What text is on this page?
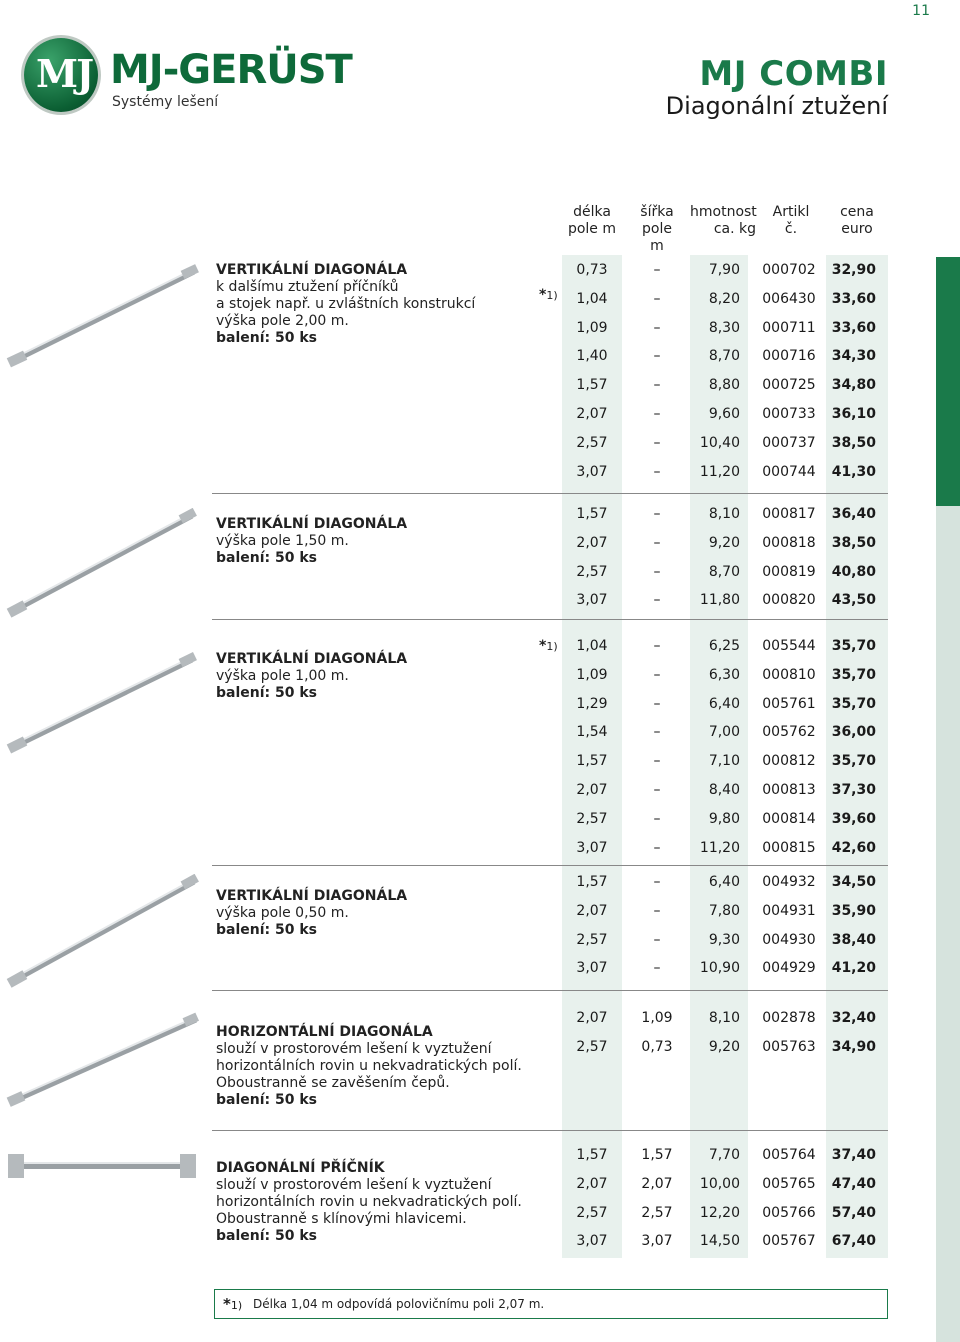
11
MJ MJ-GERÜST
Systémy lešení
MJ COMBI
Diagonální ztužení
délka
pole m
šířka pole
m
hmotnost
ca. kg
Artikl
č.
cena
euro
VERTIKÁLNÍ DIAGONÁLA
k dalšímu ztužení příčníků
a stojek např. u zvláštních konstrukcí
výška pole 2,00 m.
balení: 50 ks
VERTIKÁLNÍ DIAGONÁLA
výška pole 1,50 m.
balení: 50 ks
VERTIKÁLNÍ DIAGONÁLA
výška pole 1,00 m.
balení: 50 ks
VERTIKÁLNÍ DIAGONÁLA
výška pole 0,50 m.
balení: 50 ks
HORIZONTÁLNÍ DIAGONÁLA
slouží v prostorovém lešení k vyztužení
horizontálních rovin u nekvadratických polí.
Oboustranně se zavěšením čepů.
balení: 50 ks
DIAGONÁLNÍ PŘÍČNÍK
slouží v prostorovém lešení k vyztužení
horizontálních rovin u nekvadratických polí.
Oboustranně s klínovými hlavicemi.
balení: 50 ks
*1)
*1)
0,73	–	7,90	000702	32,90
1,04	–	8,20	006430	33,60
1,09	–	8,30	000711	33,60
1,40	–	8,70	000716	34,30
1,57	–	8,80	000725	34,80
2,07	–	9,60	000733	36,10
2,57	–	10,40	000737	38,50
3,07	–	11,20	000744	41,30
1,57	–	8,10	000817	36,40
2,07	–	9,20	000818	38,50
2,57	–	8,70	000819	40,80
3,07	–	11,80	000820	43,50
1,04	–	6,25	005544	35,70
1,09	–	6,30	000810	35,70
1,29	–	6,40	005761	35,70
1,54	–	7,00	005762	36,00
1,57	–	7,10	000812	35,70
2,07	–	8,40	000813	37,30
2,57	–	9,80	000814	39,60
3,07	–	11,20	000815	42,60
1,57	–	6,40	004932	34,50
2,07	–	7,80	004931	35,90
2,57	–	9,30	004930	38,40
3,07	–	10,90	004929	41,20
2,07	1,09	8,10	002878	32,40
2,57	0,73	9,20	005763	34,90
1,57	1,57	7,70	005764	37,40
2,07	2,07	10,00	005765	47,40
2,57	2,57	12,20	005766	57,40
3,07	3,07	14,50	005767	67,40
*1) Délka 1,04 m odpovídá polovičnímu poli 2,07 m.
